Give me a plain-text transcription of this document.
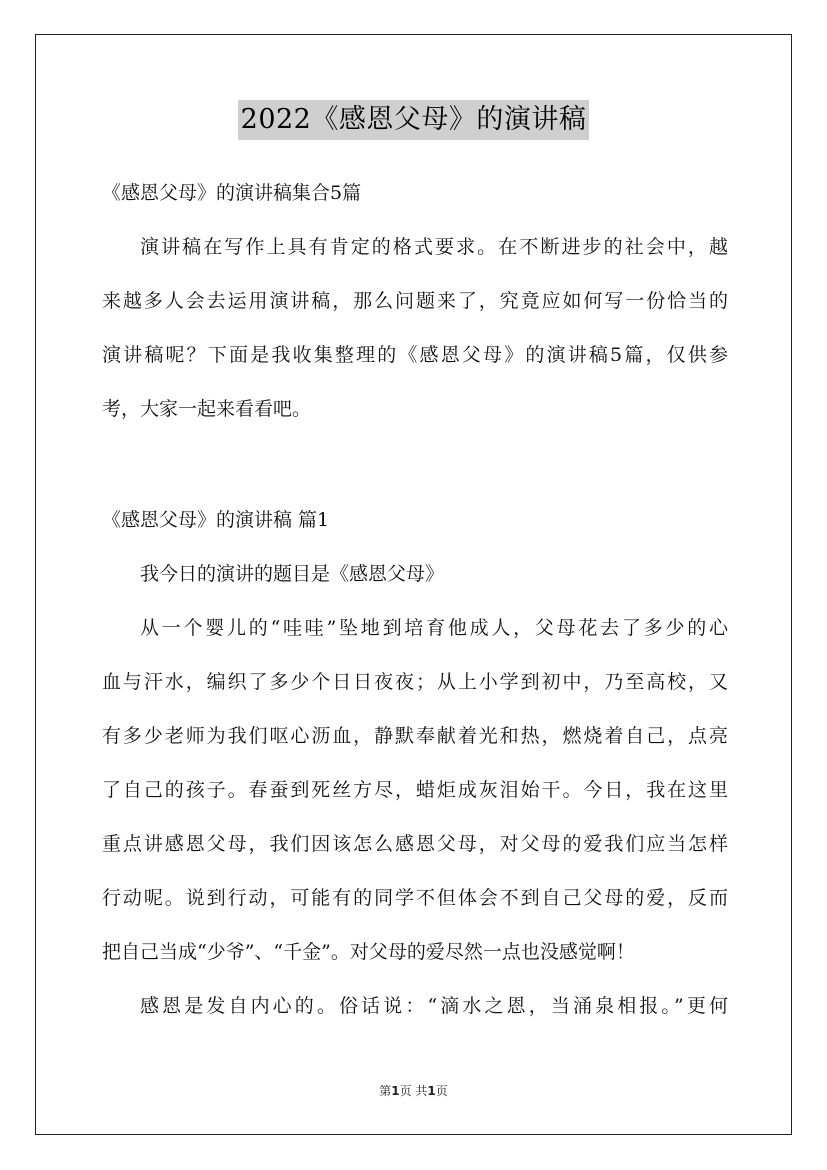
2022《感恩父母》的演讲稿
《感恩父母》的演讲稿集合5篇
演讲稿在写作上具有肯定的格式要求。在不断进步的社会中，越
来越多人会去运用演讲稿，那么问题来了，究竟应如何写一份恰当的
演讲稿呢？下面是我收集整理的《感恩父母》的演讲稿5篇，仅供参
考，大家一起来看看吧。
《感恩父母》的演讲稿 篇1
我今日的演讲的题目是《感恩父母》
从一个婴儿的“哇哇”坠地到培育他成人，父母花去了多少的心
血与汗水，编织了多少个日日夜夜；从上小学到初中，乃至高校，又
有多少老师为我们呕心沥血，静默奉献着光和热，燃烧着自己，点亮
了自己的孩子。春蚕到死丝方尽，蜡炬成灰泪始干。今日，我在这里
重点讲感恩父母，我们因该怎么感恩父母，对父母的爱我们应当怎样
行动呢。说到行动，可能有的同学不但体会不到自己父母的爱，反而
把自己当成“少爷”、“千金”。对父母的爱尽然一点也没感觉啊！
感恩是发自内心的。俗话说：“滴水之恩，当涌泉相报。”更何
第1页 共1页
